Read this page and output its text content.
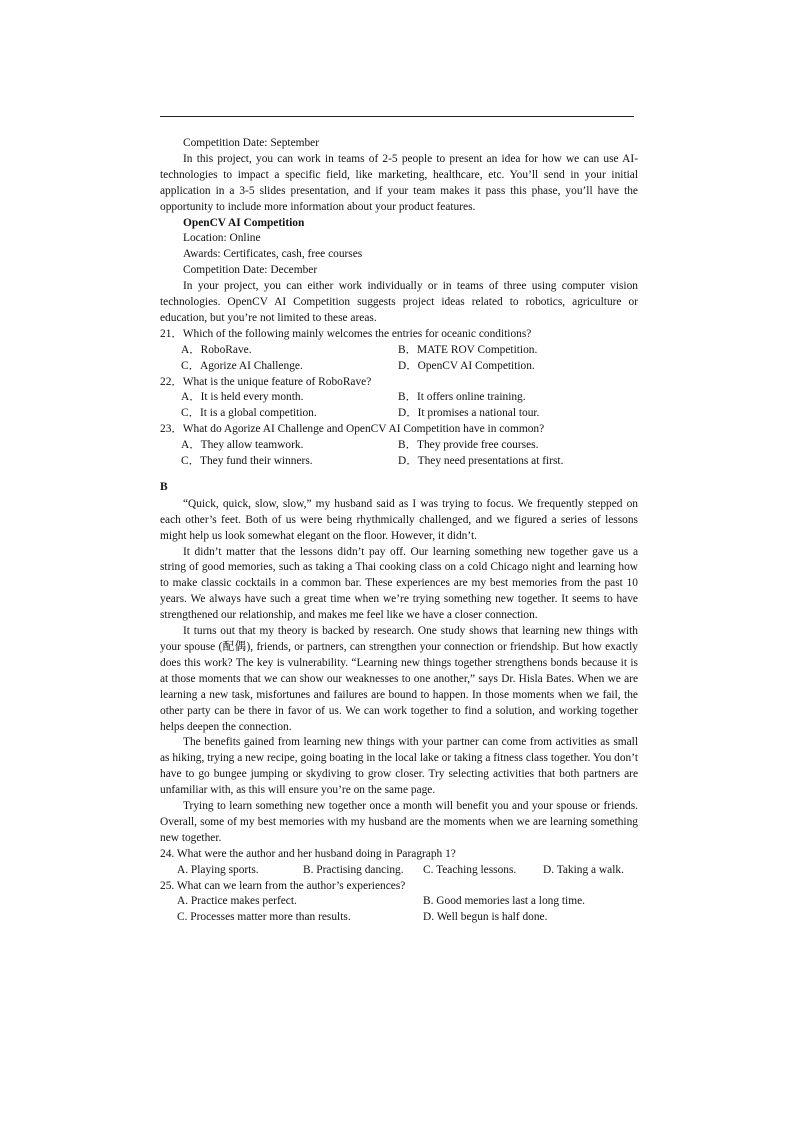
Competition Date: September

In this project, you can work in teams of 2-5 people to present an idea for how we can use AI-technologies to impact a specific field, like marketing, healthcare, etc. You’ll send in your initial application in a 3-5 slides presentation, and if your team makes it pass this phase, you’ll have the opportunity to include more information about your product features.

OpenCV AI Competition

Location: Online

Awards: Certificates, cash, free courses

Competition Date: December

In your project, you can either work individually or in teams of three using computer vision technologies. OpenCV AI Competition suggests project ideas related to robotics, agriculture or education, but you’re not limited to these areas.

21．Which of the following mainly welcomes the entries for oceanic conditions?

A．RoboRave.	B．MATE ROV Competition.
C．Agorize AI Challenge.	D．OpenCV AI Competition.

22．What is the unique feature of RoboRave?

A．It is held every month.	B．It offers online training.
C．It is a global competition.	D．It promises a national tour.

23．What do Agorize AI Challenge and OpenCV AI Competition have in common?

A．They allow teamwork.	B．They provide free courses.
C．They fund their winners.	D．They need presentations at first.

B

“Quick, quick, slow, slow,” my husband said as I was trying to focus. We frequently stepped on each other’s feet. Both of us were being rhythmically challenged, and we figured a series of lessons might help us look somewhat elegant on the floor. However, it didn’t.

It didn’t matter that the lessons didn’t pay off. Our learning something new together gave us a string of good memories, such as taking a Thai cooking class on a cold Chicago night and learning how to make classic cocktails in a common bar. These experiences are my best memories from the past 10 years. We always have such a great time when we’re trying something new together. It seems to have strengthened our relationship, and makes me feel like we have a closer connection.

It turns out that my theory is backed by research. One study shows that learning new things with your spouse (配偶), friends, or partners, can strengthen your connection or friendship. But how exactly does this work? The key is vulnerability. “Learning new things together strengthens bonds because it is at those moments that we can show our weaknesses to one another,” says Dr. Hisla Bates. When we are learning a new task, misfortunes and failures are bound to happen. In those moments when we fail, the other party can be there in favor of us. We can work together to find a solution, and working together helps deepen the connection.

The benefits gained from learning new things with your partner can come from activities as small as hiking, trying a new recipe, going boating in the local lake or taking a fitness class together. You don’t have to go bungee jumping or skydiving to grow closer. Try selecting activities that both partners are unfamiliar with, as this will ensure you’re on the same page.

Trying to learn something new together once a month will benefit you and your spouse or friends. Overall, some of my best memories with my husband are the moments when we are learning something new together.

24. What were the author and her husband doing in Paragraph 1?

A. Playing sports.	B. Practising dancing. C. Teaching lessons. D. Taking a walk.

25. What can we learn from the author’s experiences?

A. Practice makes perfect.	B. Good memories last a long time.
C. Processes matter more than results.	D. Well begun is half done.
